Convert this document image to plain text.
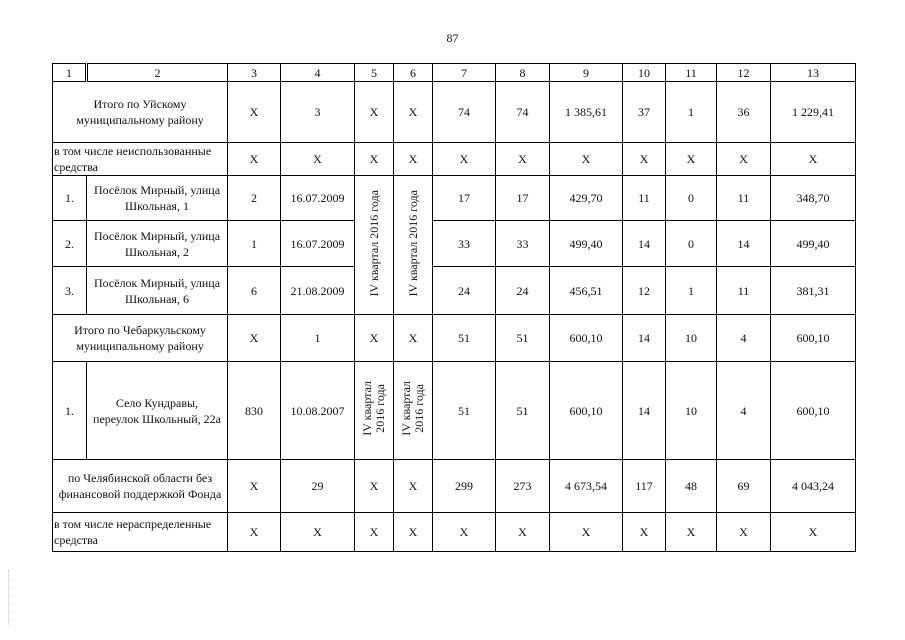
87
1	2	3	4	5	6	7	8	9	10	11	12	13

Итого по Уйскому
муниципальному району		X	3	X	X	74	74	1 385,61	37	1	36	1 229,41

в том числе неиспользованные
средства		X	X	X	X	X	X	X	X	X	X	X
1.	Посёлок Мирный, улица
Школьная, 1	2	16.07.2009	IV квартал 2016 года	IV квартал 2016 года	17	17	429,70	11	0	11	348,70
2.	Посёлок Мирный, улица
Школьная, 2	1	16.07.2009			33	33	499,40	14	0	14	499,40
3.	Посёлок Мирный, улица
Школьная, 6	6	21.08.2009			24	24	456,51	12	1	11	381,31

Итого по Чебаркульскому
муниципальному району		X	1	X	X	51	51	600,10	14	10	4	600,10
1.	Село Кундравы,
переулок Школьный, 22а	830	10.08.2007	IV квартал 2016 года	IV квартал 2016 года	51	51	600,10	14	10	4	600,10

по Челябинской области без
финансовой поддержкой Фонда		X	29	X	X	299	273	4 673,54	117	48	69	4 043,24

в том числе нераспределенные
средства		X	X	X	X	X	X	X	X	X	X	X
